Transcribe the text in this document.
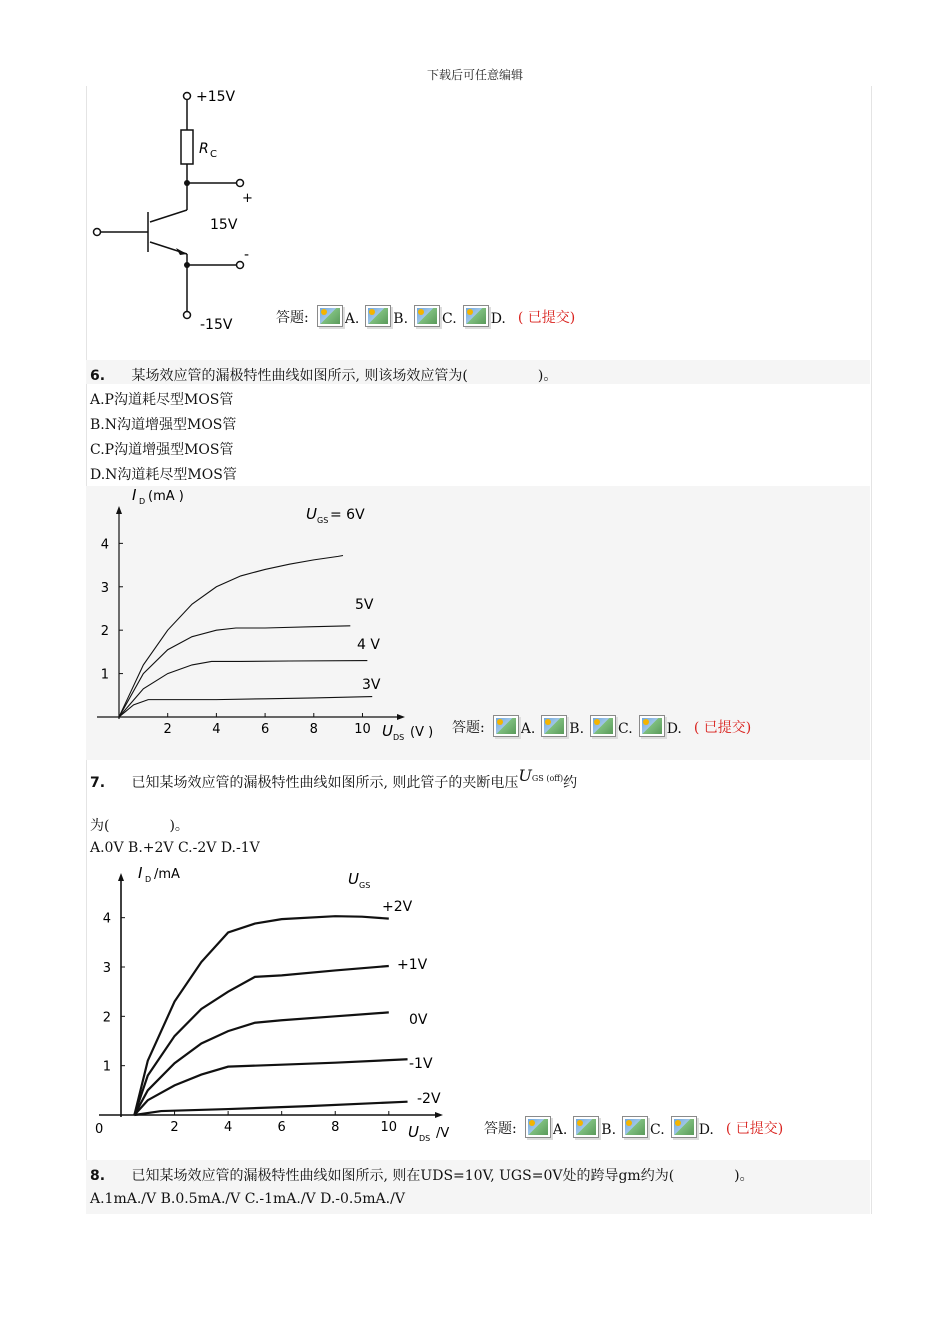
下载后可任意编辑
+15V
R C
+
15V
-
-15V	答题:	A. B. C. D. ( 已提交)
6. 某场效应管的漏极特性曲线如图所示, 则该场效应管为(	)。
A.P沟道耗尽型MOS管
B.N沟道增强型MOS管
C.P沟道增强型MOS管
D.N沟道耗尽型MOS管
2	4	6	8	10
1
2
3
4
= 6V
5V
4 V
3V
I D (mA )
U DS (V )
U GS
答题:	A. B. C. D. ( 已提交)
7. 已知某场效应管的漏极特性曲线如图所示, 则此管子的夹断电压$U^{GS (off)}$约
为(	)。
A.0V B.+2V C.-2V D.-1V
2	4	6	8	10
1
2
3
4
0
+2V
+1V
0V
-1V
-2V
I D /mA
U DS /V
U GS
答题:	A. B. C. D. ( 已提交)
8. 已知某场效应管的漏极特性曲线如图所示, 则在UDS=10V, UGS=0V处的跨导gm约为(	)。
A.1mA./V B.0.5mA./V C.-1mA./V D.-0.5mA./V
